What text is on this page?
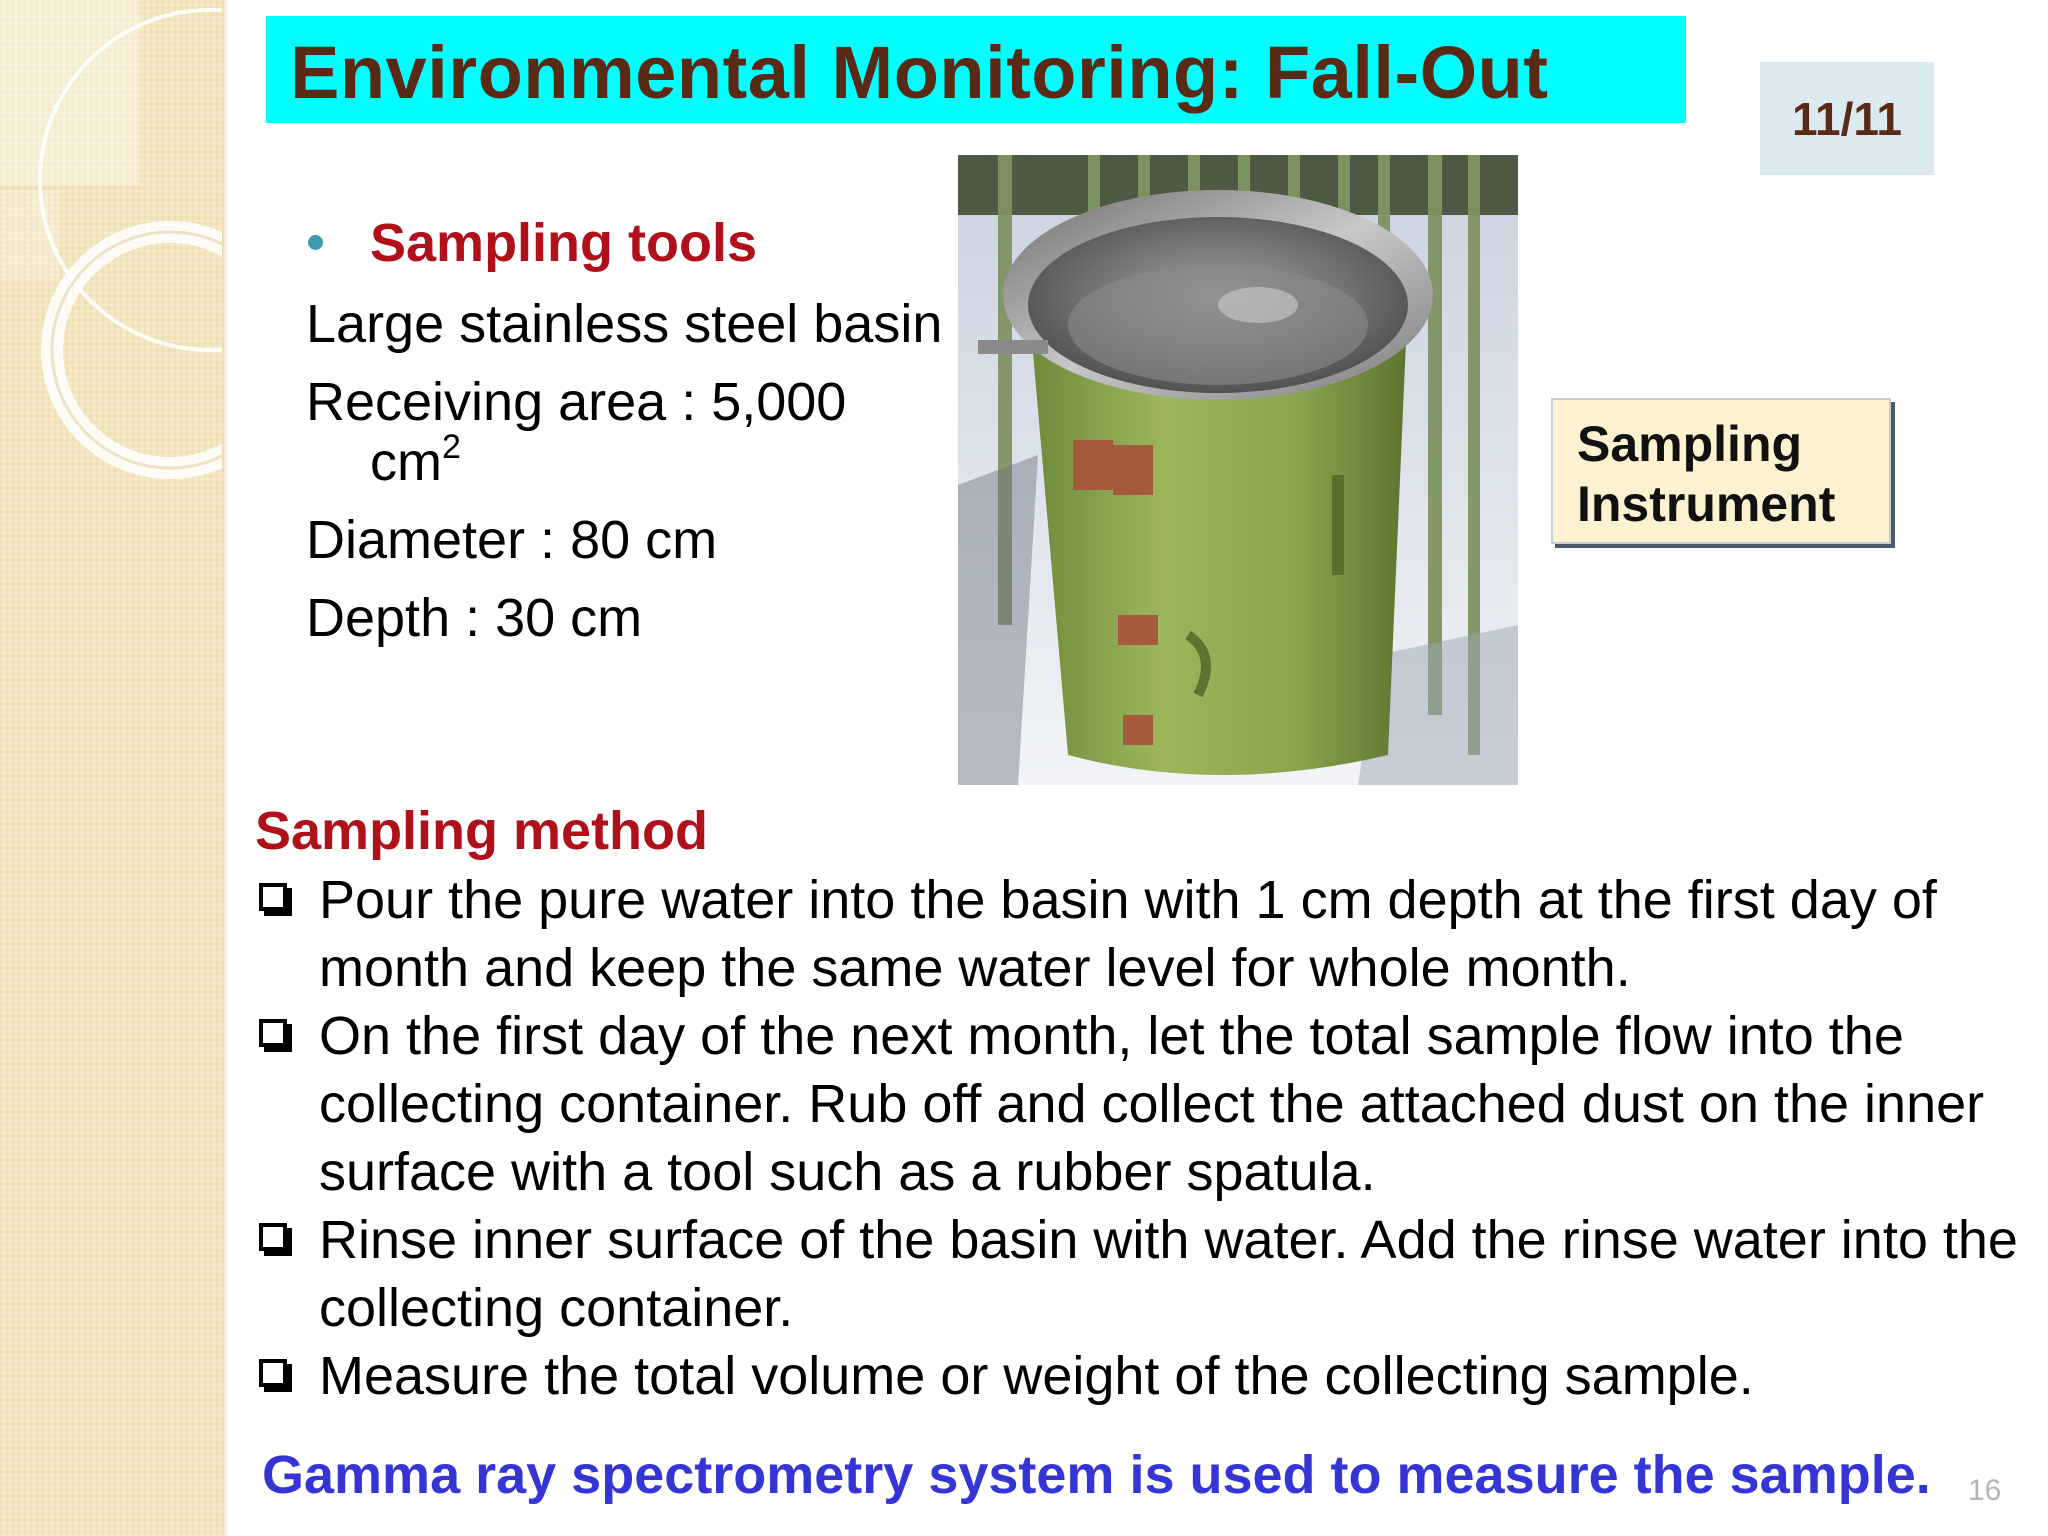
Environmental Monitoring: Fall-Out
11/11
Sampling tools
Large stainless steel basin
Receiving area : 5,000 $cm^2$
Diameter : 80 cm
Depth : 30 cm
Sampling
Instrument
Sampling method
Pour the pure water into the basin with 1 cm depth at the first day of month and keep the same water level for whole month.
On the first day of the next month, let the total sample flow into the collecting container. Rub off and collect the attached dust on the inner surface with a tool such as a rubber spatula.
Rinse inner surface of the basin with water. Add the rinse water into the collecting container.
Measure the total volume or weight of the collecting sample.
Gamma ray spectrometry system is used to measure the sample. 16
